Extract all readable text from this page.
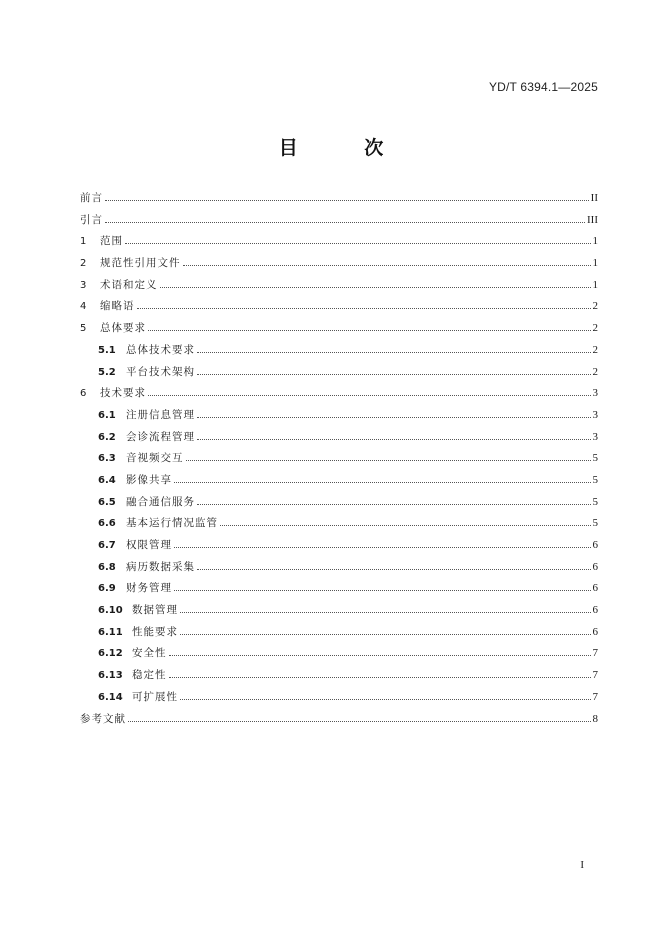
YD/T 6394.1—2025
目 次
前言	II
引言	III
1	范围	1
2	规范性引用文件	1
3	术语和定义	1
4	缩略语	2
5	总体要求	2
5.1 总体技术要求	2
5.2 平台技术架构	2
6	技术要求	3
6.1 注册信息管理	3
6.2 会诊流程管理	3
6.3 音视频交互	5
6.4 影像共享	5
6.5 融合通信服务	5
6.6 基本运行情况监管	5
6.7 权限管理	6
6.8 病历数据采集	6
6.9 财务管理	6
6.10 数据管理	6
6.11 性能要求	6
6.12 安全性	7
6.13 稳定性	7
6.14 可扩展性	7
参考文献	8
I
